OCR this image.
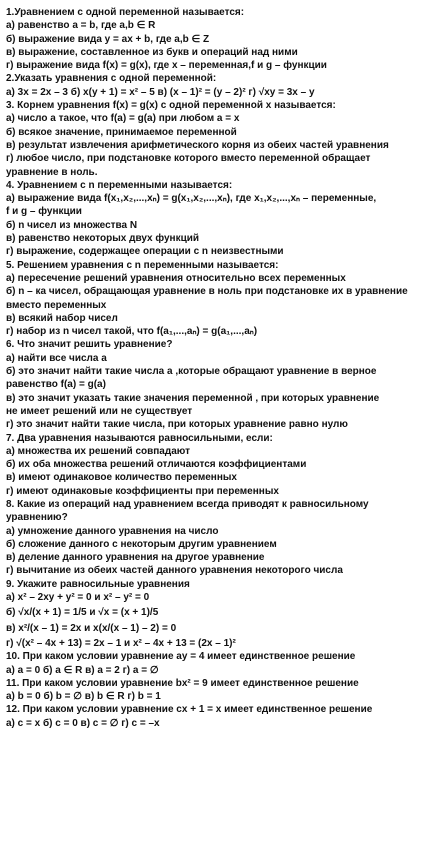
1.Уравнением с одной переменной называется:
а) равенство a = b, где a,b ∈ R
б) выражение вида y = ax + b, где a,b ∈ Z
в) выражение, составленное из букв и операций над ними
г) выражение вида f(x) = g(x), где x – переменная,f и g – функции
2.Указать уравнения с одной переменной:
а) 3x = 2x – 3 б) x(y + 1) = x² – 5 в) (x – 1)² = (y – 2)² г) √xy = 3x – y
3. Корнем уравнения f(x) = g(x) с одной переменной x называется:
а) число a такое, что f(a) = g(a) при любом a = x
б) всякое значение, принимаемое переменной
в) результат извлечения арифметического корня из обеих частей уравнения
г) любое число, при подстановке которого вместо переменной обращает
уравнение в ноль.
4. Уравнением с n переменными называется:
а) выражение вида f(x₁,x₂,...,xₙ) = g(x₁,x₂,...,xₙ), где x₁,x₂,...,xₙ – переменные,
f и g – функции
б) n чисел из множества N
в) равенство некоторых двух функций
г) выражение, содержащее операции с n неизвестными
5. Решением уравнения с n переменными называется:
а) пересечение решений уравнения относительно всех переменных
б) n – ка чисел, обращающая уравнение в ноль при подстановке их в уравнение
вместо переменных
в) всякий набор чисел
г) набор из n чисел такой, что f(a₁,...,aₙ) = g(a₁,...,aₙ)
6. Что значит решить уравнение?
а) найти все числа a
б) это значит найти такие числа a ,которые обращают уравнение в верное
равенство f(a) = g(a)
в) это значит указать такие значения переменной , при которых уравнение
не имеет решений или не существует
г) это значит найти такие числа, при которых уравнение равно нулю
7. Два уравнения называются равносильными, если:
а) множества их решений совпадают
б) их оба множества решений отличаются коэффициентами
в) имеют одинаковое количество переменных
г) имеют одинаковые коэффициенты при переменных
8. Какие из операций над уравнением всегда приводят к равносильному
уравнению?
а) умножение данного уравнения на число
б) сложение данного с некоторым другим уравнением
в) деление данного уравнения на другое уравнение
г) вычитание из обеих частей данного уравнения некоторого числа
9. Укажите равносильные уравнения
а) x² – 2xy + y² = 0 и x² – y² = 0
б) √x/(x + 1) = 1/5 и √x = (x + 1)/5
в) x²/(x – 1) = 2x и x(x/(x – 1) – 2) = 0
г) √(x² – 4x + 13) = 2x – 1 и x² – 4x + 13 = (2x – 1)²
10. При каком условии уравнение ay = 4 имеет единственное решение
а) a = 0 б) a ∈ R в) a = 2 г) a = ∅
11. При каком условии уравнение bx² = 9 имеет единственное решение
а) b = 0 б) b = ∅ в) b ∈ R г) b = 1
12. При каком условии уравнение cx + 1 = x имеет единственное решение
а) c = x б) c = 0 в) c = ∅ г) c = –x
